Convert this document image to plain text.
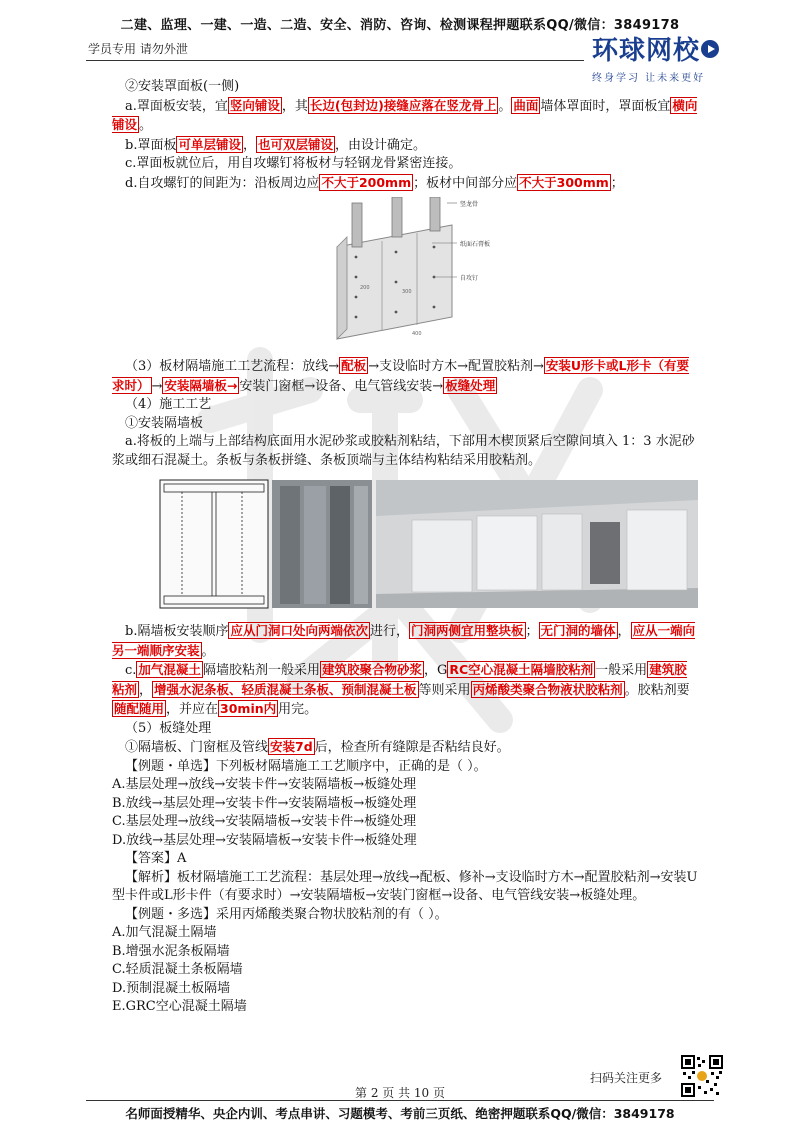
二建、监理、一建、一造、二造、安全、消防、咨询、检测课程押题联系QQ/微信：3849178
学员专用 请勿外泄	环球网校
终身学习 让未来更好

②安装罩面板(一侧)

a.罩面板安装，宜 竖向铺设 ，其 长边(包封边)接缝应落在竖龙骨上 。 曲面 墙体罩面时，罩面板宜 横向铺设 。

b.罩面板 可单层铺设 ， 也可双层铺设 ，由设计确定。

c.罩面板就位后，用自攻螺钉将板材与轻钢龙骨紧密连接。

d.自攻螺钉的间距为：沿板周边应 不大于200mm ；板材中间部分应 不大于300mm ；

竖龙骨
纸面石膏板
自攻钉
200
300
400

（3）板材隔墙施工工艺流程：放线→ 配板 →支设临时方木→配置胶粘剂→ 安装U形卡或L形卡（有要求时） → 安装隔墙板→ 安装门窗框→设备、电气管线安装→ 板缝处理

（4）施工工艺

①安装隔墙板

a.将板的上端与上部结构底面用水泥砂浆或胶粘剂粘结，下部用木楔顶紧后空隙间填入 1：3 水泥砂浆或细石混凝土。条板与条板拼缝、条板顶端与主体结构粘结采用胶粘剂。

b.隔墙板安装顺序 应从门洞口处向两端依次 进行， 门洞两侧宜用整块板 ； 无门洞的墙体 ， 应从一端向另一端顺序安装 。

c. 加气混凝土 隔墙胶粘剂一般采用 建筑胶聚合物砂浆 ，G RC空心混凝土隔墙胶粘剂 一般采用 建筑胶粘剂 ， 增强水泥条板、轻质混凝土条板、预制混凝土板 等则采用 丙烯酸类聚合物液状胶粘剂 。胶粘剂要随配随用 ，并应在 30min内 用完。

（5）板缝处理

①隔墙板、门窗框及管线 安装7d 后，检查所有缝隙是否粘结良好。

【例题・单选】下列板材隔墙施工工艺顺序中，正确的是（ ）。

A.基层处理→放线→安装卡件→安装隔墙板→板缝处理

B.放线→基层处理→安装卡件→安装隔墙板→板缝处理

C.基层处理→放线→安装隔墙板→安装卡件→板缝处理

D.放线→基层处理→安装隔墙板→安装卡件→板缝处理

【答案】A

【解析】板材隔墙施工工艺流程：基层处理→放线→配板、修补→支设临时方木→配置胶粘剂→安装U型卡件或L形卡件（有要求时）→安装隔墙板→安装门窗框→设备、电气管线安装→板缝处理。

【例题・多选】采用丙烯酸类聚合物状胶粘剂的有（ ）。

A.加气混凝土隔墙

B.增强水泥条板隔墙

C.轻质混凝土条板隔墙

D.预制混凝土板隔墙

E.GRC空心混凝土隔墙

扫码关注更多
第 2 页 共 10 页
名师面授精华、央企内训、考点串讲、习题模考、考前三页纸、绝密押题联系QQ/微信：3849178
